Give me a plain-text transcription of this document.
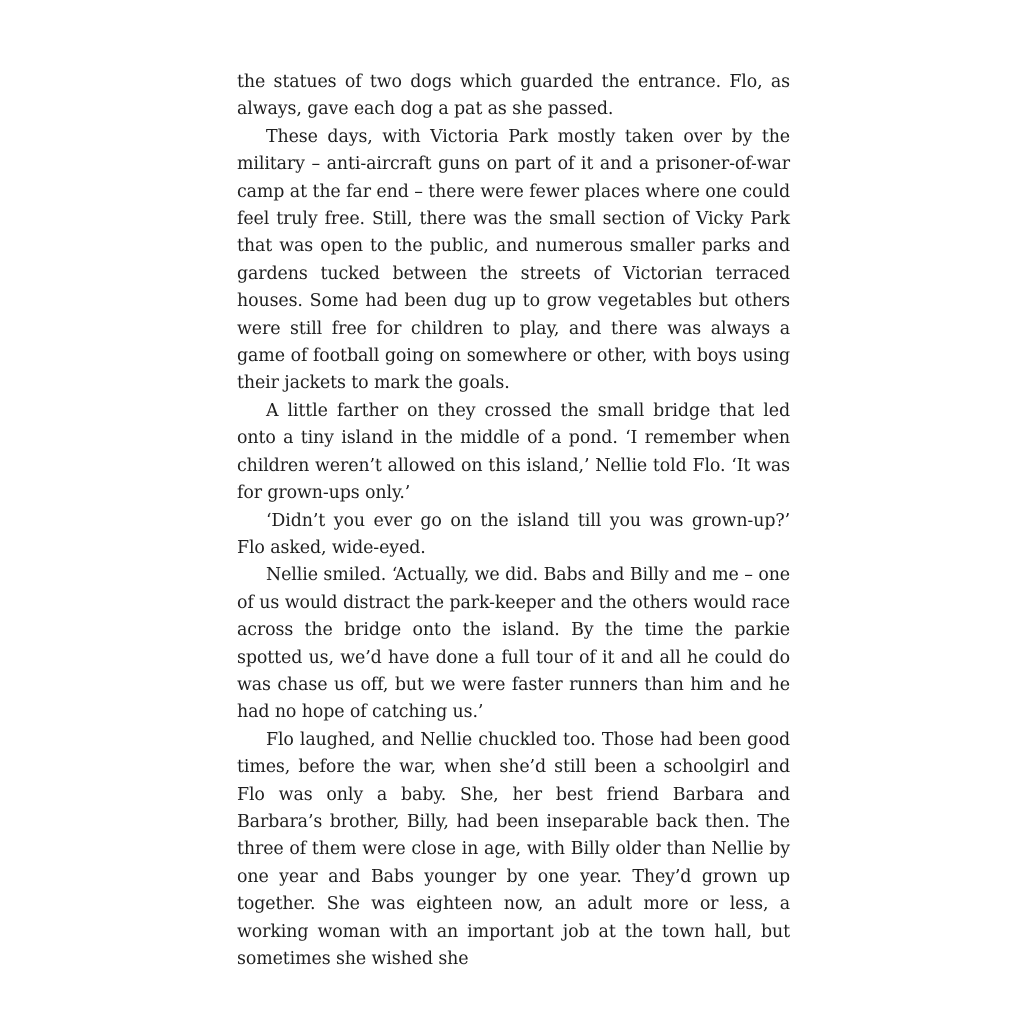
the statues of two dogs which guarded the entrance. Flo, as always, gave each dog a pat as she passed.

These days, with Victoria Park mostly taken over by the military – anti-aircraft guns on part of it and a prisoner-of-war camp at the far end – there were fewer places where one could feel truly free. Still, there was the small section of Vicky Park that was open to the public, and numerous smaller parks and gardens tucked between the streets of Victorian terraced houses. Some had been dug up to grow vegetables but others were still free for children to play, and there was always a game of football going on somewhere or other, with boys using their jackets to mark the goals.

A little farther on they crossed the small bridge that led onto a tiny island in the middle of a pond. ‘I remember when children weren’t allowed on this island,’ Nellie told Flo. ‘It was for grown-ups only.’

‘Didn’t you ever go on the island till you was grown-up?’ Flo asked, wide-eyed.

Nellie smiled. ‘Actually, we did. Babs and Billy and me – one of us would distract the park-keeper and the others would race across the bridge onto the island. By the time the parkie spotted us, we’d have done a full tour of it and all he could do was chase us off, but we were faster runners than him and he had no hope of catching us.’

Flo laughed, and Nellie chuckled too. Those had been good times, before the war, when she’d still been a schoolgirl and Flo was only a baby. She, her best friend Barbara and Barbara’s brother, Billy, had been inseparable back then. The three of them were close in age, with Billy older than Nellie by one year and Babs younger by one year. They’d grown up together. She was eighteen now, an adult more or less, a working woman with an important job at the town hall, but sometimes she wished she
